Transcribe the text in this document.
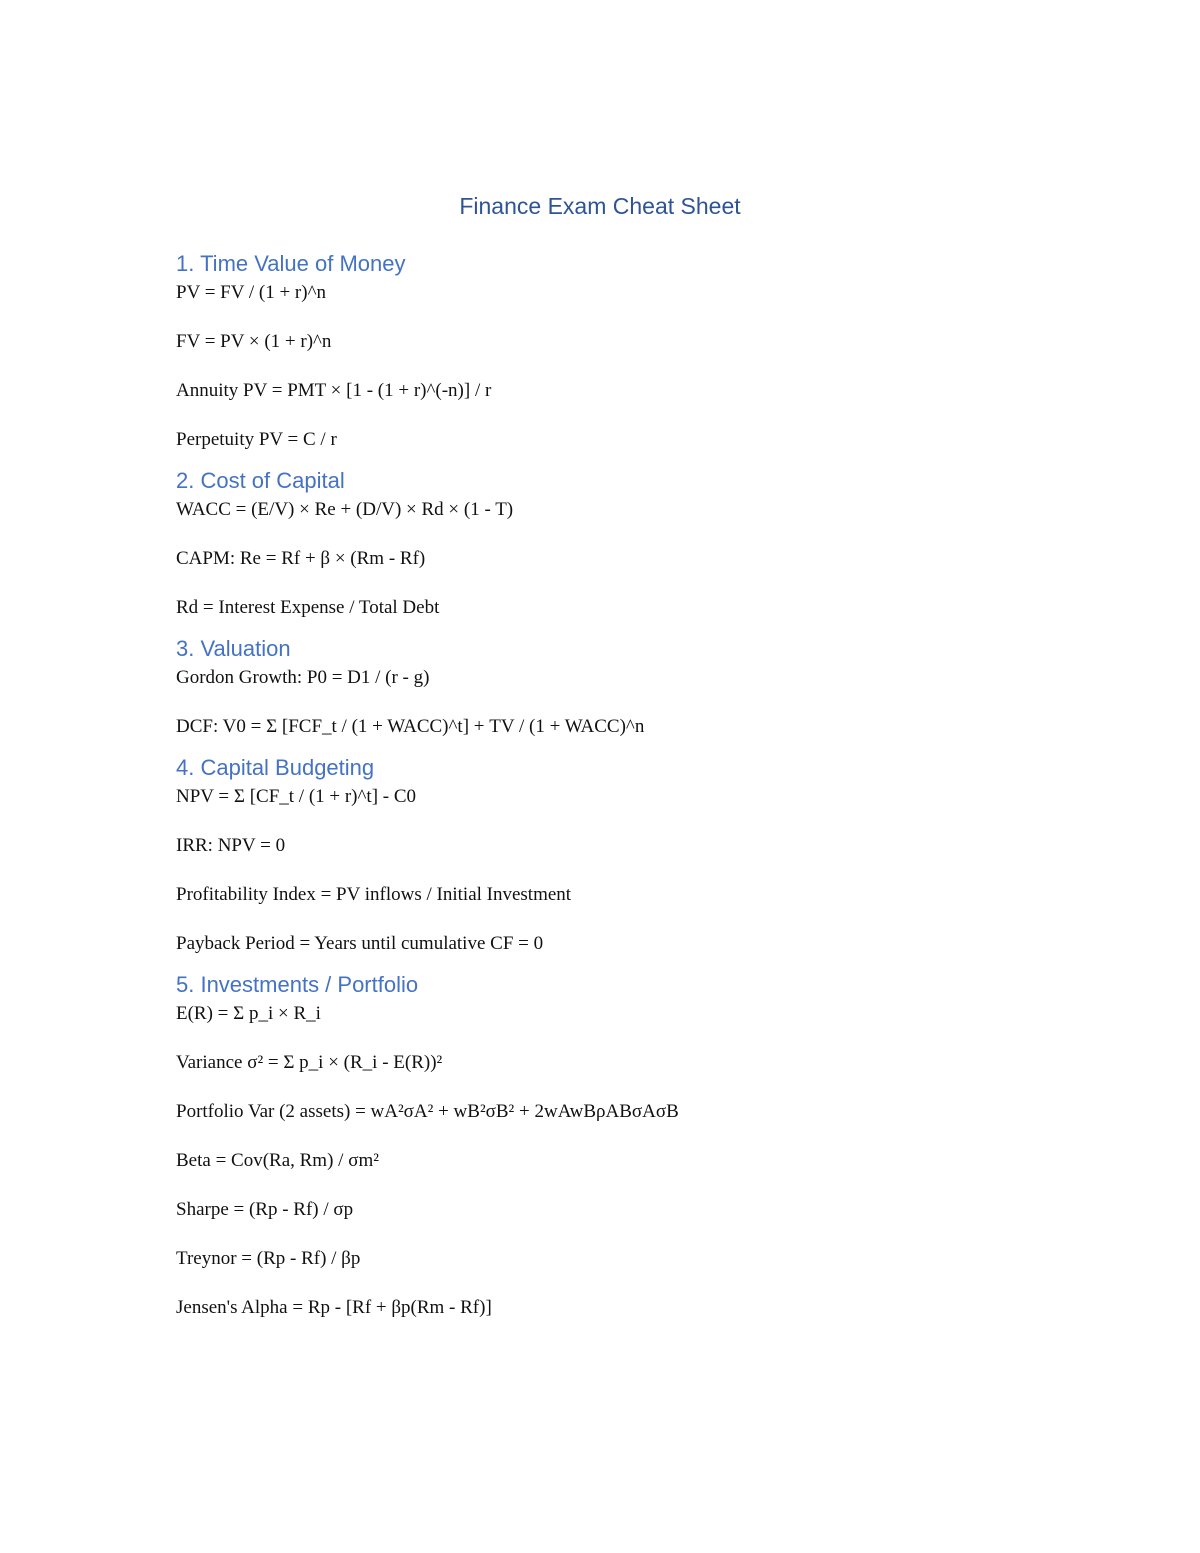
Finance Exam Cheat Sheet
1. Time Value of Money
PV = FV / (1 + r)^n
FV = PV × (1 + r)^n
Annuity PV = PMT × [1 - (1 + r)^(-n)] / r
Perpetuity PV = C / r
2. Cost of Capital
WACC = (E/V) × Re + (D/V) × Rd × (1 - T)
CAPM: Re = Rf + β × (Rm - Rf)
Rd = Interest Expense / Total Debt
3. Valuation
Gordon Growth: P0 = D1 / (r - g)
DCF: V0 = Σ [FCF_t / (1 + WACC)^t] + TV / (1 + WACC)^n
4. Capital Budgeting
NPV = Σ [CF_t / (1 + r)^t] - C0
IRR: NPV = 0
Profitability Index = PV inflows / Initial Investment
Payback Period = Years until cumulative CF = 0
5. Investments / Portfolio
E(R) = Σ p_i × R_i
Variance σ² = Σ p_i × (R_i - E(R))²
Portfolio Var (2 assets) = wA²σA² + wB²σB² + 2wAwBρABσAσB
Beta = Cov(Ra, Rm) / σm²
Sharpe = (Rp - Rf) / σp
Treynor = (Rp - Rf) / βp
Jensen's Alpha = Rp - [Rf + βp(Rm - Rf)]
